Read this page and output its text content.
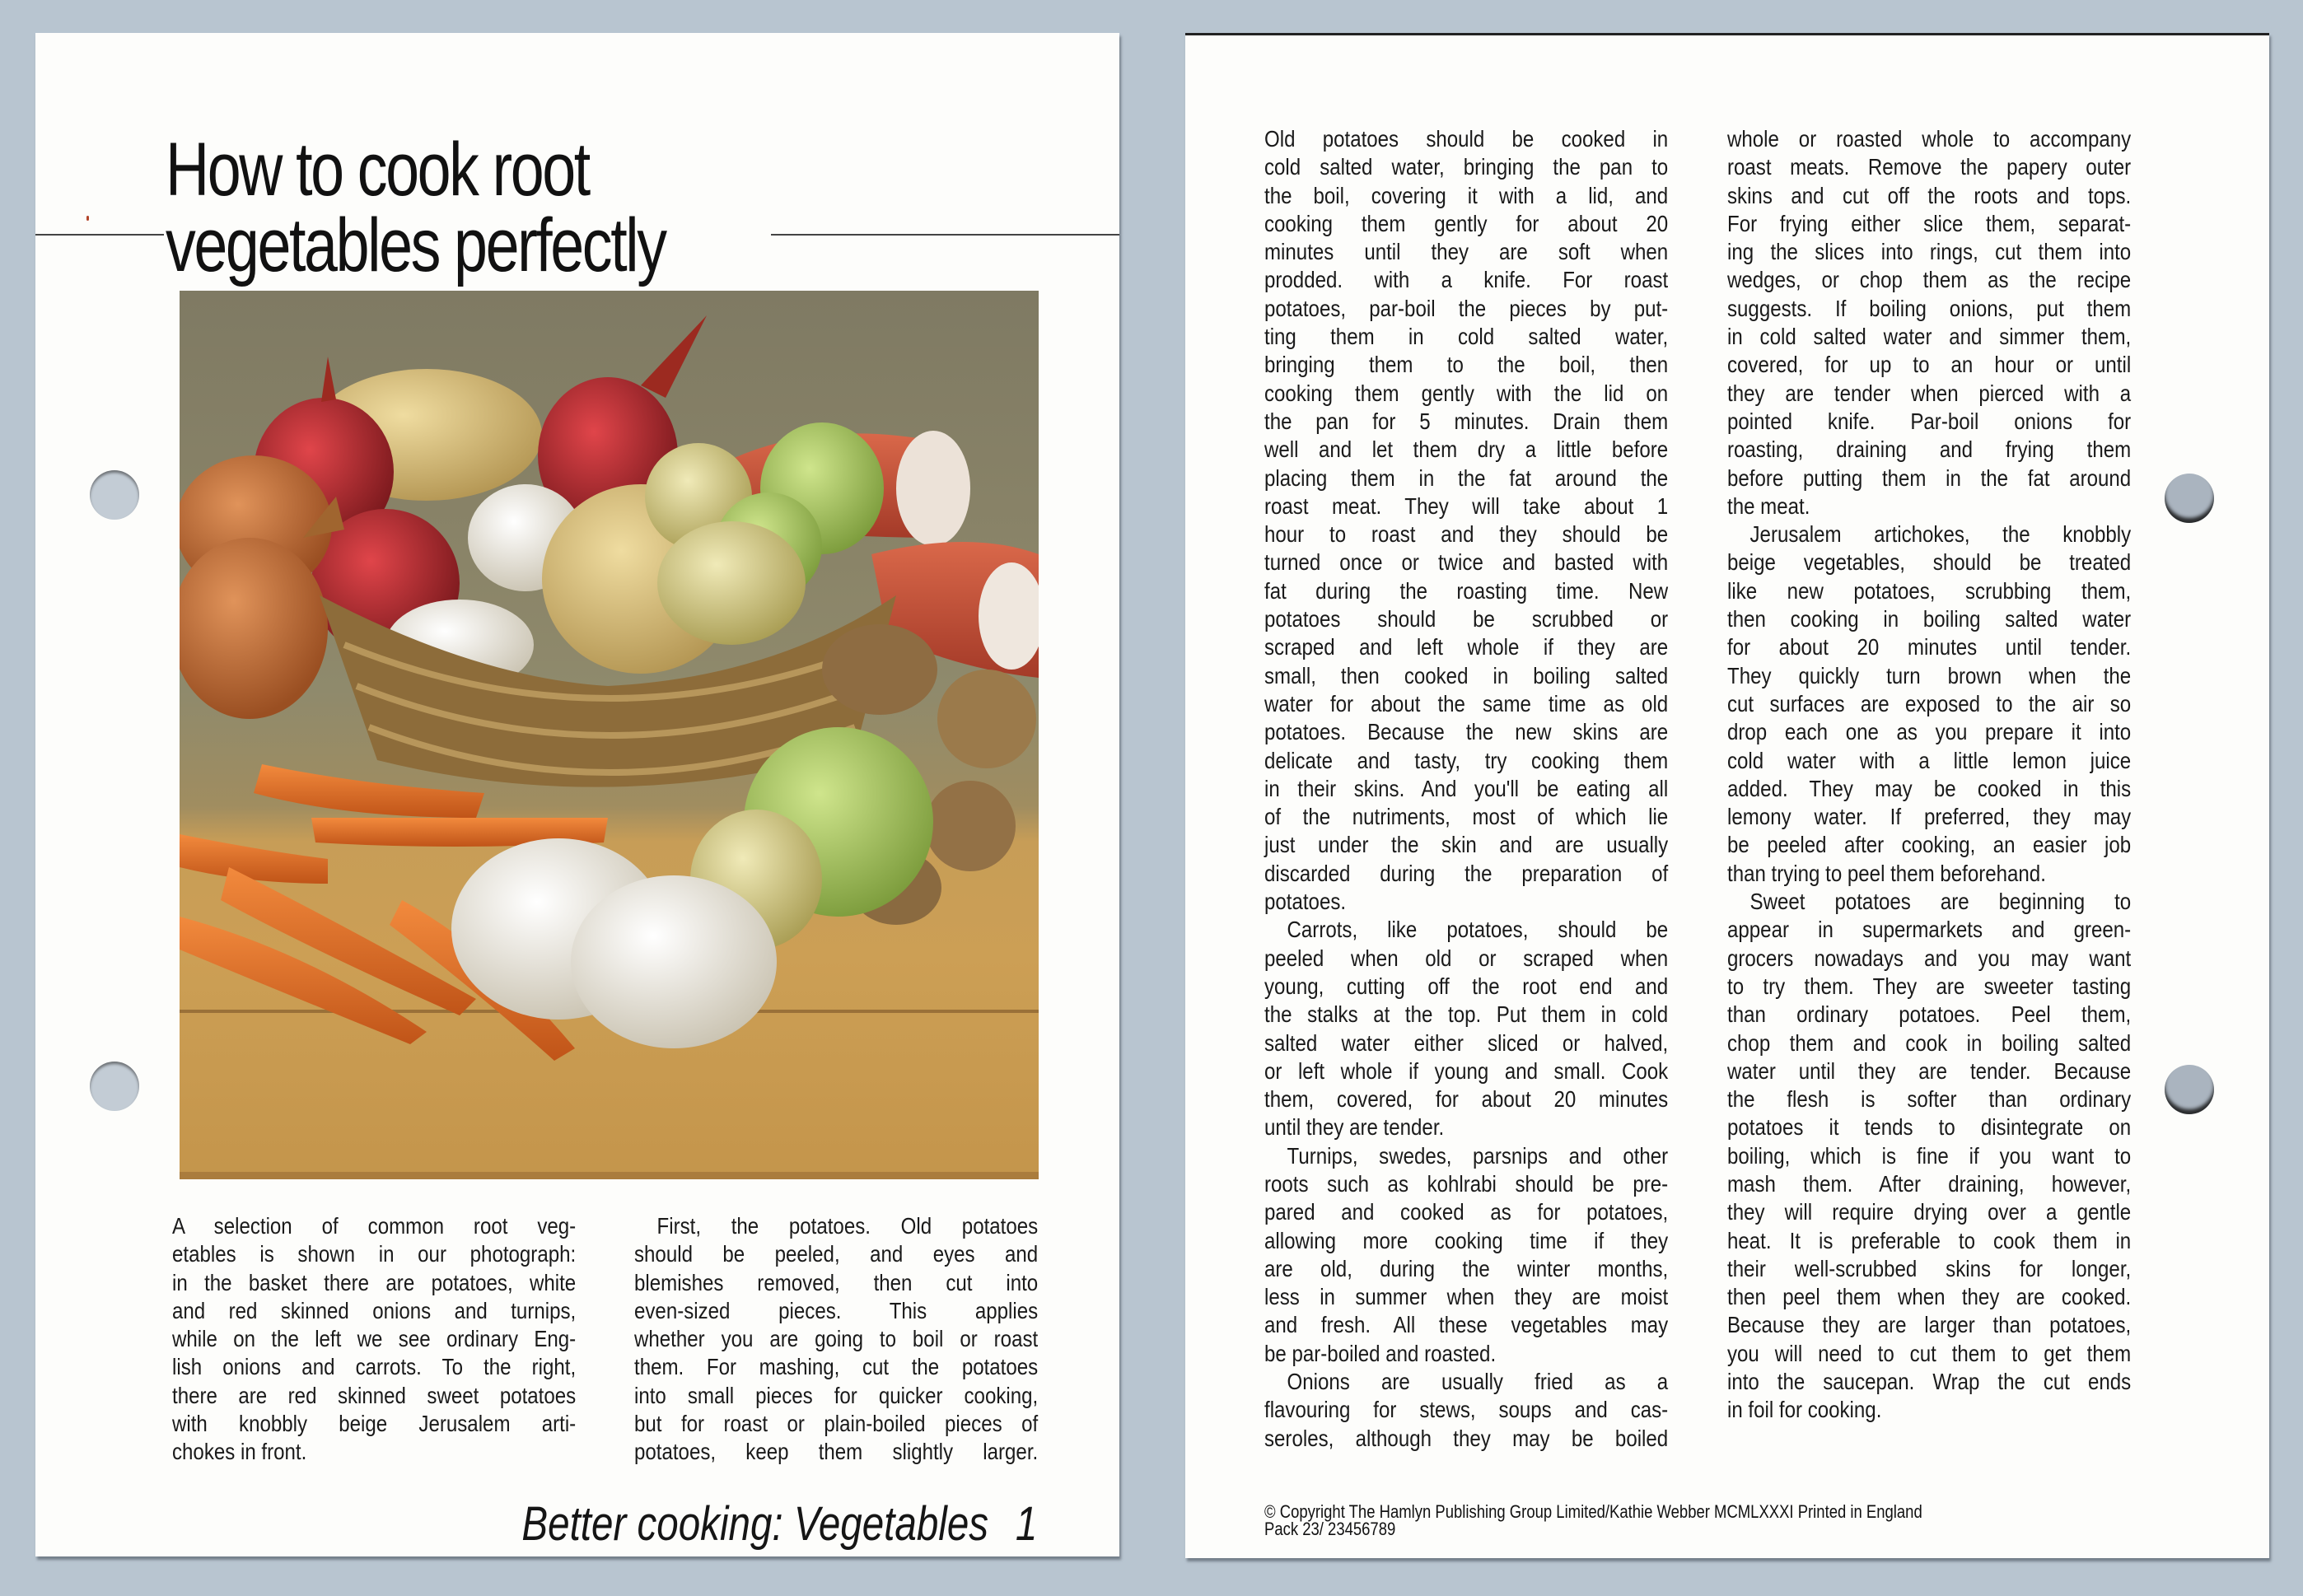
How to cook root
vegetables perfectly
A selection of common root veg-
etables is shown in our photograph:
in the basket there are potatoes, white
and red skinned onions and turnips,
while on the left we see ordinary Eng-
lish onions and carrots. To the right,
there are red skinned sweet potatoes
with knobbly beige Jerusalem arti-
chokes in front.
First, the potatoes. Old potatoes
should be peeled, and eyes and
blemishes removed, then cut into
even-sized pieces. This applies
whether you are going to boil or roast
them. For mashing, cut the potatoes
into small pieces for quicker cooking,
but for roast or plain-boiled pieces of
potatoes, keep them slightly larger.
Better cooking: Vegetables 1
Old potatoes should be cooked in
cold salted water, bringing the pan to
the boil, covering it with a lid, and
cooking them gently for about 20
minutes until they are soft when
prodded. with a knife. For roast
potatoes, par-boil the pieces by put-
ting them in cold salted water,
bringing them to the boil, then
cooking them gently with the lid on
the pan for 5 minutes. Drain them
well and let them dry a little before
placing them in the fat around the
roast meat. They will take about 1
hour to roast and they should be
turned once or twice and basted with
fat during the roasting time. New
potatoes should be scrubbed or
scraped and left whole if they are
small, then cooked in boiling salted
water for about the same time as old
potatoes. Because the new skins are
delicate and tasty, try cooking them
in their skins. And you'll be eating all
of the nutriments, most of which lie
just under the skin and are usually
discarded during the preparation of
potatoes.
Carrots, like potatoes, should be
peeled when old or scraped when
young, cutting off the root end and
the stalks at the top. Put them in cold
salted water either sliced or halved,
or left whole if young and small. Cook
them, covered, for about 20 minutes
until they are tender.
Turnips, swedes, parsnips and other
roots such as kohlrabi should be pre-
pared and cooked as for potatoes,
allowing more cooking time if they
are old, during the winter months,
less in summer when they are moist
and fresh. All these vegetables may
be par-boiled and roasted.
Onions are usually fried as a
flavouring for stews, soups and cas-
seroles, although they may be boiled
whole or roasted whole to accompany
roast meats. Remove the papery outer
skins and cut off the roots and tops.
For frying either slice them, separat-
ing the slices into rings, cut them into
wedges, or chop them as the recipe
suggests. If boiling onions, put them
in cold salted water and simmer them,
covered, for up to an hour or until
they are tender when pierced with a
pointed knife. Par-boil onions for
roasting, draining and frying them
before putting them in the fat around
the meat.
Jerusalem artichokes, the knobbly
beige vegetables, should be treated
like new potatoes, scrubbing them,
then cooking in boiling salted water
for about 20 minutes until tender.
They quickly turn brown when the
cut surfaces are exposed to the air so
drop each one as you prepare it into
cold water with a little lemon juice
added. They may be cooked in this
lemony water. If preferred, they may
be peeled after cooking, an easier job
than trying to peel them beforehand.
Sweet potatoes are beginning to
appear in supermarkets and green-
grocers nowadays and you may want
to try them. They are sweeter tasting
than ordinary potatoes. Peel them,
chop them and cook in boiling salted
water until they are tender. Because
the flesh is softer than ordinary
potatoes it tends to disintegrate on
boiling, which is fine if you want to
mash them. After draining, however,
they will require drying over a gentle
heat. It is preferable to cook them in
their well-scrubbed skins for longer,
then peel them when they are cooked.
Because they are larger than potatoes,
you will need to cut them to get them
into the saucepan. Wrap the cut ends
in foil for cooking.
© Copyright The Hamlyn Publishing Group Limited/Kathie Webber MCMLXXXI Printed in England
Pack 23/ 23456789
